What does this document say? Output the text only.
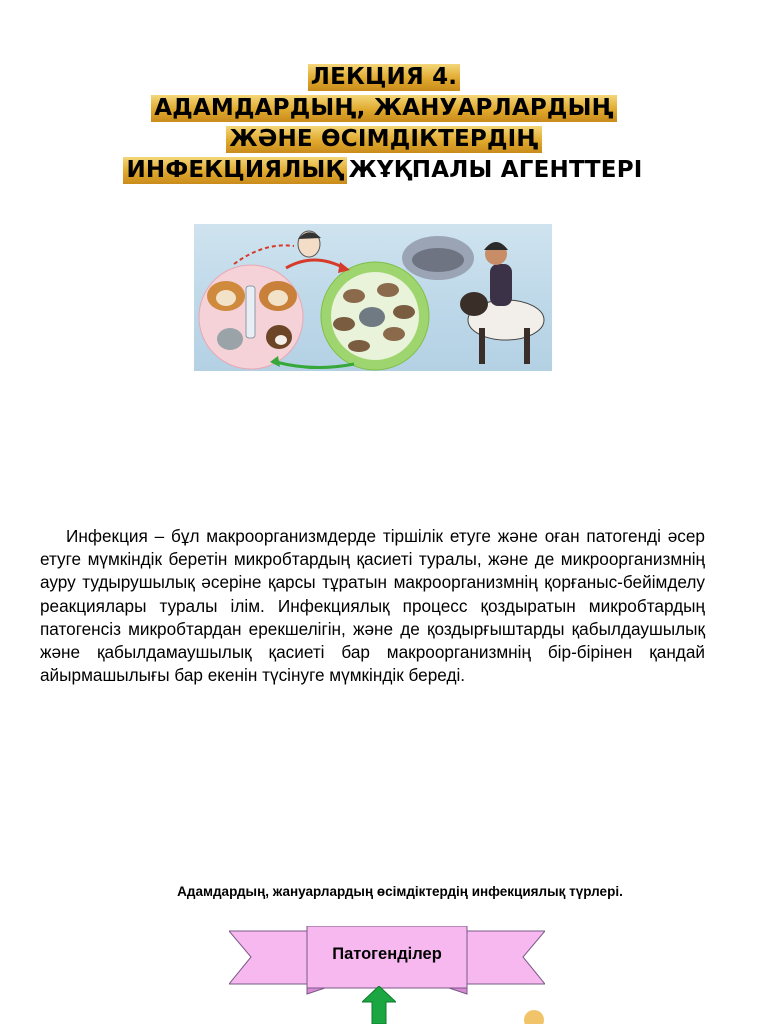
ЛЕКЦИЯ 4.
АДАМДАРДЫҢ, ЖАНУАРЛАРДЫҢ
ЖӘНЕ ӨСІМДІКТЕРДІҢ
ИНФЕКЦИЯЛЫҚ ЖҰҚПАЛЫ АГЕНТТЕРІ

Инфекция – бұл макроорганизмдерде тіршілік етуге және оған патогенді әсер етуге мүмкіндік беретін микробтардың қасиеті туралы, және де микроорганизмнің ауру тудырушылық әсеріне қарсы тұратын макроорганизмнің қорғаныс-бейімделу реакциялары туралы ілім. Инфекциялық процесс қоздыратын микробтардың патогенсіз микробтардан ерекшелігін, және де қоздырғыштарды қабылдаушылық және қабылдамаушылық қасиеті бар макроорганизмнің бір-бірінен қандай айырмашылығы бар екенін түсінуге мүмкіндік береді.

Адамдардың, жануарлардың өсімдіктердің инфекциялық түрлері.
Патогенділер
